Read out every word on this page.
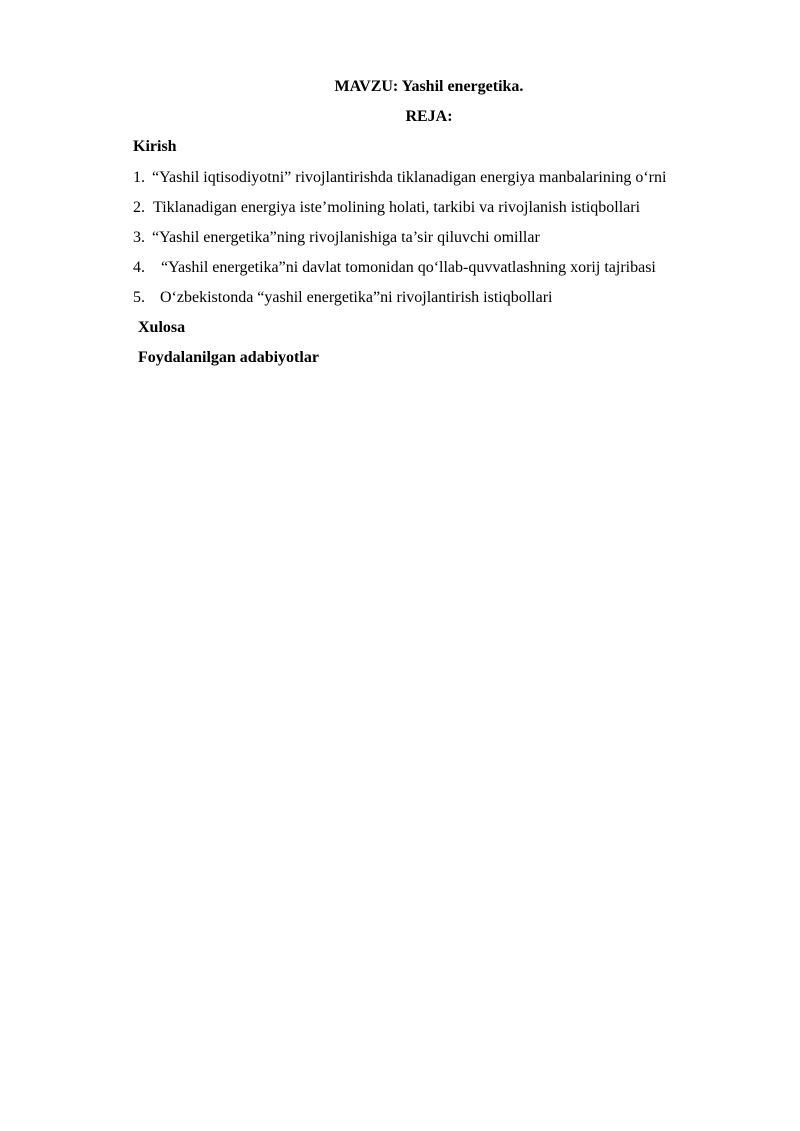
MAVZU: Yashil energetika.
REJA:
Kirish
1. “Yashil iqtisodiyotni” rivojlantirishda tiklanadigan energiya manbalarining o‘rni
2. Tiklanadigan energiya iste’molining holati, tarkibi va rivojlanish istiqbollari
3. “Yashil energetika”ning rivojlanishiga ta’sir qiluvchi omillar
4. “Yashil energetika”ni davlat tomonidan qo‘llab-quvvatlashning xorij tajribasi
5. O‘zbekistonda “yashil energetika”ni rivojlantirish istiqbollari
Xulosa
Foydalanilgan adabiyotlar
